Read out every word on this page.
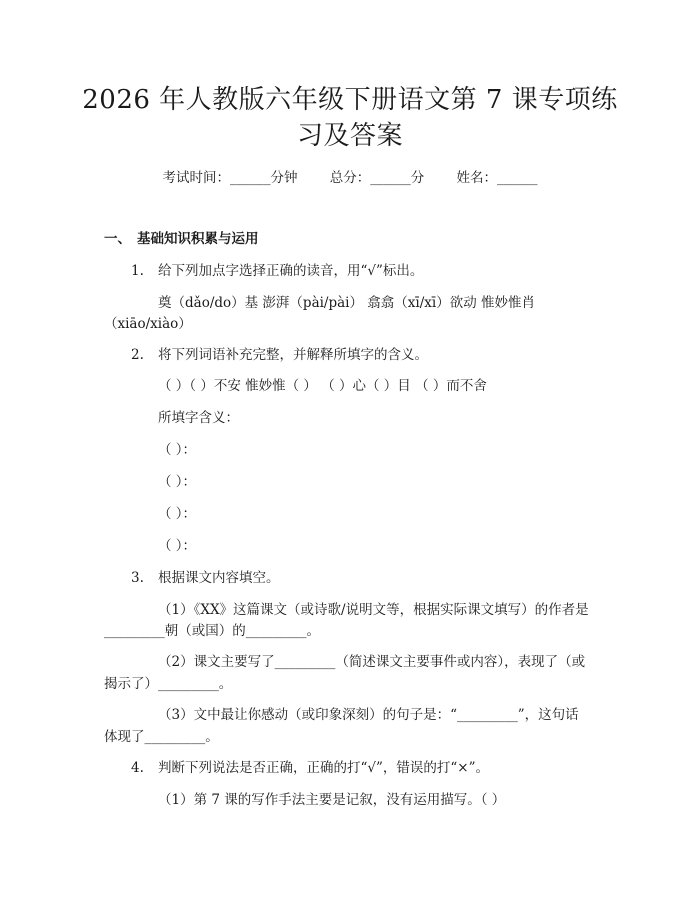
2026 年人教版六年级下册语文第 7 课专项练
习及答案
考试时间：______分钟 总分：______分 姓名：______
一、 基础知识积累与运用
1. 给下列加点字选择正确的读音，用“√”标出。
奠（dǎo/do）基 澎湃（pài/pài） 翕翕（xī/xī）欲动 惟妙惟肖
（xiāo/xiào）
2. 将下列词语补充完整，并解释所填字的含义。
（ ）（ ）不安 惟妙惟（ ） （ ）心（ ）目 （ ）而不舍
所填字含义：
（ ）：
（ ）：
（ ）：
（ ）：
3. 根据课文内容填空。
（1）《XX》这篇课文（或诗歌/说明文等，根据实际课文填写）的作者是
_________朝（或国）的_________。
（2）课文主要写了_________（简述课文主要事件或内容），表现了（或
揭示了）_________。
（3）文中最让你感动（或印象深刻）的句子是：“_________”，这句话
体现了_________。
4. 判断下列说法是否正确，正确的打“√”，错误的打“×”。
（1）第 7 课的写作手法主要是记叙，没有运用描写。（ ）
